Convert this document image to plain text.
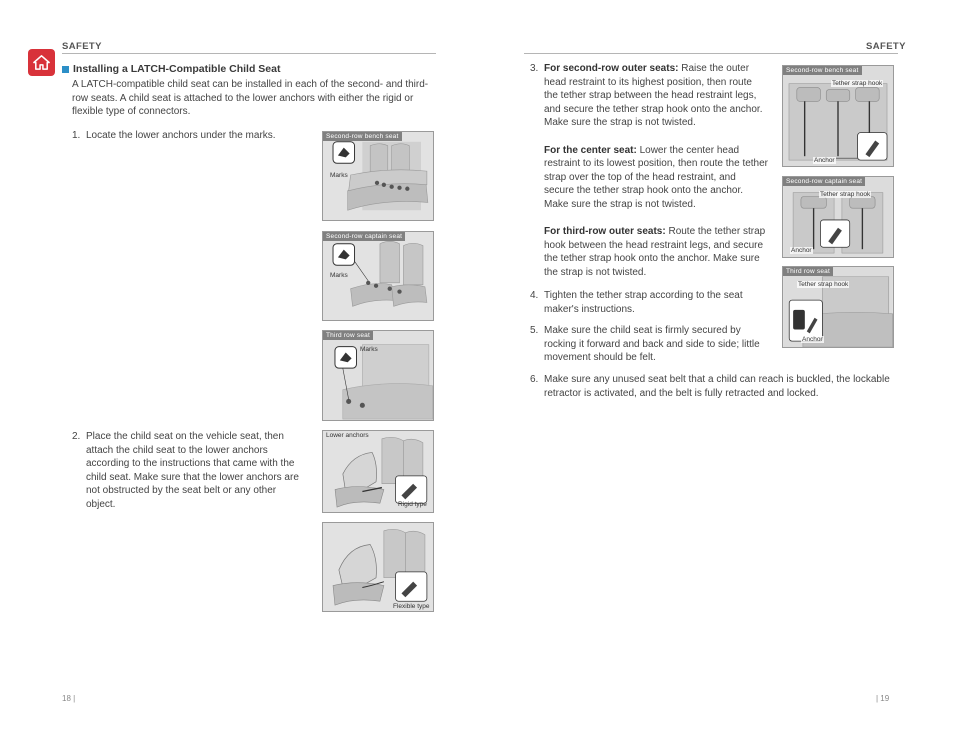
SAFETY
Installing a LATCH-Compatible Child Seat
A LATCH-compatible child seat can be installed in each of the second- and third-row seats. A child seat is attached to the lower anchors with either the rigid or flexible type of connectors.
1. Locate the lower anchors under the marks.
2. Place the child seat on the vehicle seat, then attach the child seat to the lower anchors according to the instructions that came with the child seat. Make sure that the lower anchors are not obstructed by the seat belt or any other object.
Second-row bench seat
Marks
Second-row captain seat
Marks
Third row seat
Marks
Lower anchors
Rigid type
Flexible type
18 |
SAFETY
3. For second-row outer seats: Raise the outer head restraint to its highest position, then route the tether strap between the head restraint legs, and secure the tether strap hook onto the anchor. Make sure the strap is not twisted.
For the center seat: Lower the center head restraint to its lowest position, then route the tether strap over the top of the head restraint, and secure the tether strap hook onto the anchor. Make sure the strap is not twisted.
For third-row outer seats: Route the tether strap hook between the head restraint legs, and secure the tether strap hook onto the anchor. Make sure the strap is not twisted.
4. Tighten the tether strap according to the seat maker's instructions.
5. Make sure the child seat is firmly secured by rocking it forward and back and side to side; little movement should be felt.
6. Make sure any unused seat belt that a child can reach is buckled, the lockable retractor is activated, and the belt is fully retracted and locked.
Second-row bench seat
Tether strap hook
Anchor
Second-row captain seat
Tether strap hook
Anchor
Third row seat
Tether strap hook
Anchor
| 19
